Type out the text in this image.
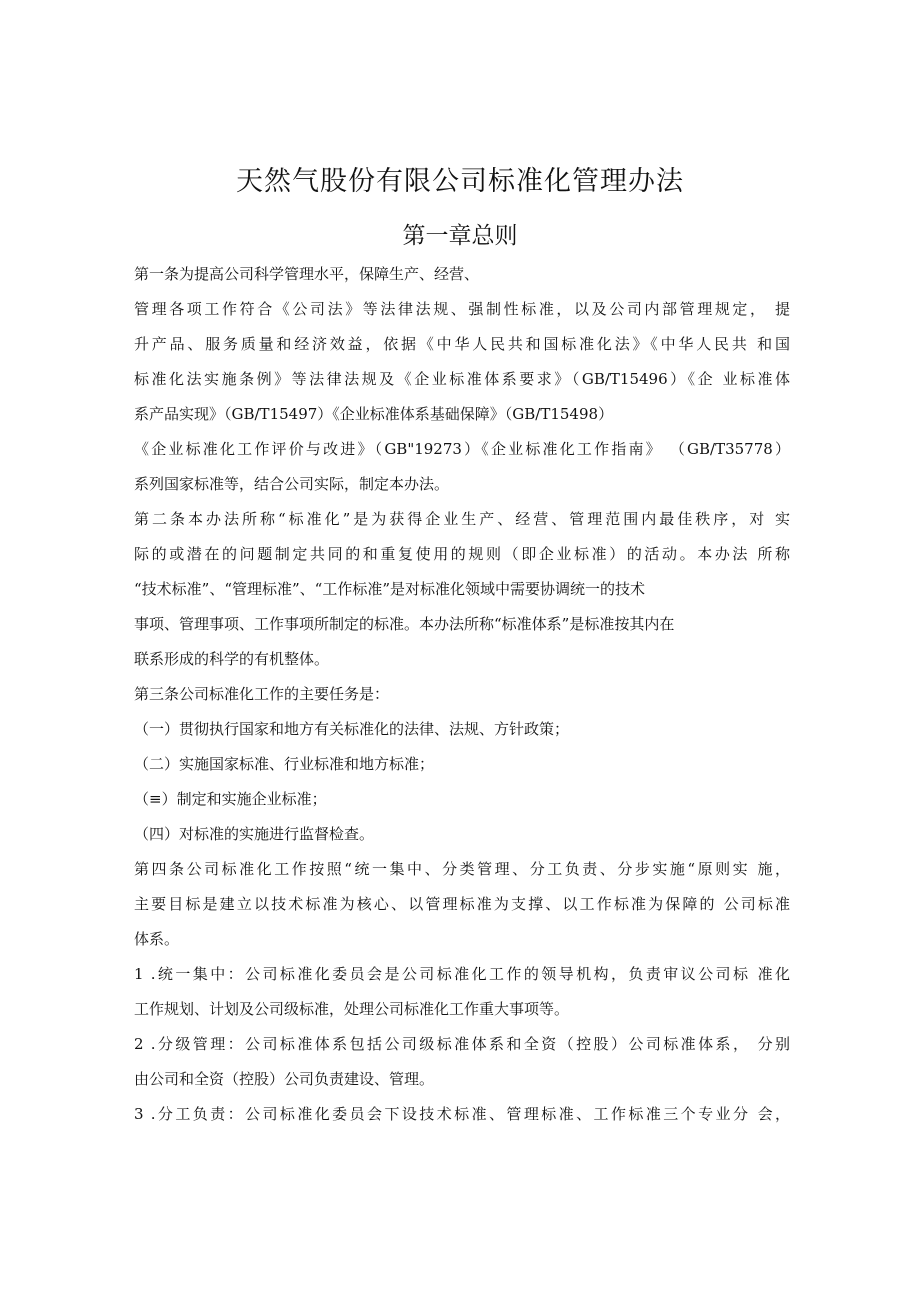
天然气股份有限公司标准化管理办法
第一章总则
第一条为提高公司科学管理水平，保障生产、经营、
管理各项工作符合《公司法》等法律法规、强制性标准，以及公司内部管理规定， 提
升产品、服务质量和经济效益，依据《中华人民共和国标准化法》《中华人民共 和国
标准化法实施条例》等法律法规及《企业标准体系要求》（GB/T15496）《企 业标准体
系产品实现》（GB/T15497）《企业标准体系基础保障》（GB/T15498）
《企业标准化工作评价与改进》（GB"19273）《企业标准化工作指南》 （GB/T35778）
系列国家标准等，结合公司实际，制定本办法。
第二条本办法所称“标准化”是为获得企业生产、经营、管理范围内最佳秩序，对 实
际的或潜在的问题制定共同的和重复使用的规则（即企业标准）的活动。本办法 所称
“技术标准”、“管理标准”、“工作标准”是对标准化领域中需要协调统一的技术
事项、管理事项、工作事项所制定的标准。本办法所称“标准体系”是标准按其内在
联系形成的科学的有机整体。
第三条公司标准化工作的主要任务是：
（一）贯彻执行国家和地方有关标准化的法律、法规、方针政策；
（二）实施国家标准、行业标准和地方标准；
（≡）制定和实施企业标准；
（四）对标准的实施进行监督检查。
第四条公司标准化工作按照“统一集中、分类管理、分工负责、分步实施“原则实 施，
主要目标是建立以技术标准为核心、以管理标准为支撑、以工作标准为保障的 公司标准
体系。
1 .统一集中：公司标准化委员会是公司标准化工作的领导机构，负责审议公司标 准化
工作规划、计划及公司级标准，处理公司标准化工作重大事项等。
2 .分级管理：公司标准体系包括公司级标准体系和全资（控股）公司标准体系， 分别
由公司和全资（控股）公司负责建设、管理。
3 .分工负责：公司标准化委员会下设技术标准、管理标准、工作标准三个专业分 会，
